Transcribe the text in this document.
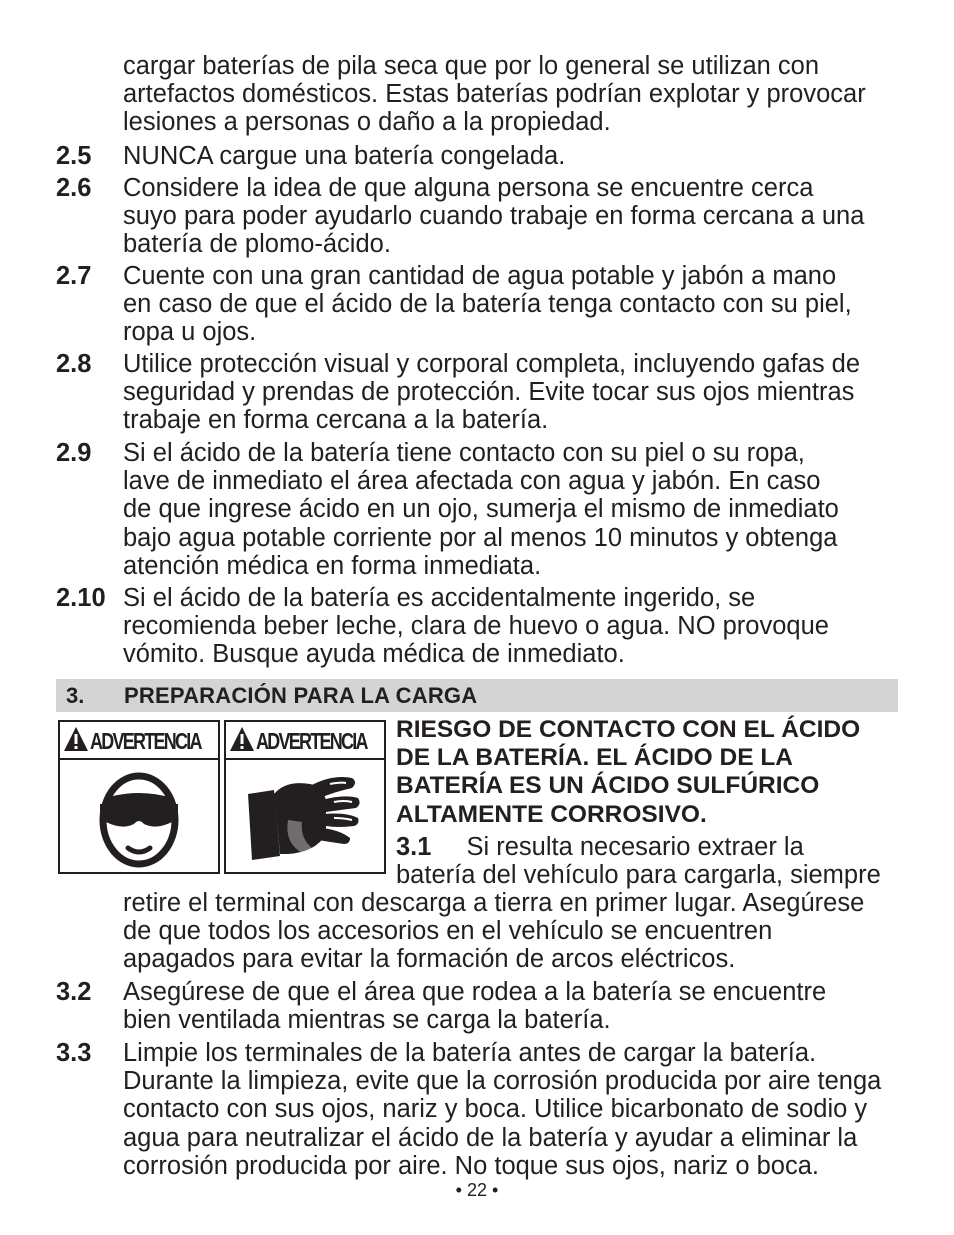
cargar baterías de pila seca que por lo general se utilizan con
artefactos domésticos. Estas baterías podrían explotar y provocar
lesiones a personas o daño a la propiedad.
2.5 NUNCA cargue una batería congelada.
2.6 Considere la idea de que alguna persona se encuentre cerca
suyo para poder ayudarlo cuando trabaje en forma cercana a una
batería de plomo-ácido.
2.7 Cuente con una gran cantidad de agua potable y jabón a mano
en caso de que el ácido de la batería tenga contacto con su piel,
ropa u ojos.
2.8 Utilice protección visual y corporal completa, incluyendo gafas de
seguridad y prendas de protección. Evite tocar sus ojos mientras
trabaje en forma cercana a la batería.
2.9 Si el ácido de la batería tiene contacto con su piel o su ropa,
lave de inmediato el área afectada con agua y jabón. En caso
de que ingrese ácido en un ojo, sumerja el mismo de inmediato
bajo agua potable corriente por al menos 10 minutos y obtenga
atención médica en forma inmediata.
2.10 Si el ácido de la batería es accidentalmente ingerido, se
recomienda beber leche, clara de huevo o agua. NO provoque
vómito. Busque ayuda médica de inmediato.
3. PREPARACIÓN PARA LA CARGA
ADVERTENCIA ADVERTENCIA RIESGO DE CONTACTO CON EL ÁCIDO
DE LA BATERÍA. EL ÁCIDO DE LA
BATERÍA ES UN ÁCIDO SULFÚRICO
ALTAMENTE CORROSIVO.
3.1 Si resulta necesario extraer la
batería del vehículo para cargarla, siempre
retire el terminal con descarga a tierra en primer lugar. Asegúrese
de que todos los accesorios en el vehículo se encuentren
apagados para evitar la formación de arcos eléctricos.
3.2 Asegúrese de que el área que rodea a la batería se encuentre
bien ventilada mientras se carga la batería.
3.3 Limpie los terminales de la batería antes de cargar la batería.
Durante la limpieza, evite que la corrosión producida por aire tenga
contacto con sus ojos, nariz y boca. Utilice bicarbonato de sodio y
agua para neutralizar el ácido de la batería y ayudar a eliminar la
corrosión producida por aire. No toque sus ojos, nariz o boca.
• 22 •
